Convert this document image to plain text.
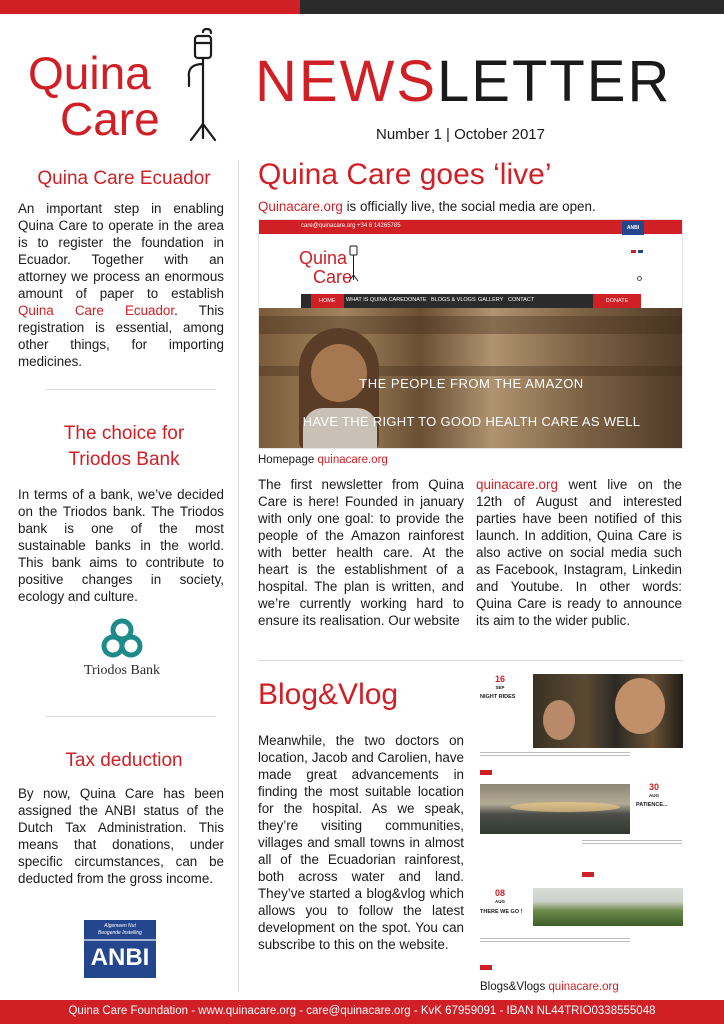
Quina
Care
NEWSLETTER
Number 1 | October 2017
Quina Care Ecuador
An important step in enabling Quina Care to operate in the area is to register the foundation in Ecuador. Together with an attorney we process an enormous amount of paper to establish Quina Care Ecuador. This registration is essential, among other things, for importing medicines.
The choice for
Triodos Bank
In terms of a bank, we’ve decided on the Triodos bank. The Triodos bank is one of the most sustainable banks in the world. This bank aims to contribute to positive changes in society, ecology and culture.
Triodos Bank
Tax deduction
By now, Quina Care has been assigned the ANBI status of the Dutch Tax Administration. This means that donations, under specific circumstances, can be deducted from the gross income.
Algemeen Nut
Beogende Instelling
ANBI
Quina Care goes ‘live’
Quinacare.org is officially live, the social media are open.
care@quinacare.org +34 6 14265785	ANBI
Quina
Care
HOME	WHAT IS QUINA CARE DONATE BLOGS & VLOGS GALLERY CONTACT	DONATE
THE PEOPLE FROM THE AMAZON
HAVE THE RIGHT TO GOOD HEALTH CARE AS WELL
Homepage quinacare.org
The first newsletter from Quina Care is here! Founded in january with only one goal: to provide the people of the Amazon rainforest with better health care. At the heart is the establishment of a hospital. The plan is written, and we’re currently working hard to ensure its realisation. Our website
quinacare.org went live on the 12th of August and interested parties have been notified of this launch. In addition, Quina Care is also active on social media such as Facebook, Instagram, Linkedin and Youtube. In other words: Quina Care is ready to announce its aim to the wider public.
Blog&Vlog
Meanwhile, the two doctors on location, Jacob and Carolien, have made great advancements in finding the most suitable location for the hospital. As we speak, they’re visiting communities, villages and small towns in almost all of the Ecuadorian rainforest, both across water and land. They’ve started a blog&vlog which allows you to follow the latest development on the spot. You can subscribe to this on the website.
16
SEP
NIGHT RIDES
30
AUG
PATIENCE...
08
AUG
THERE WE GO !
Blogs&Vlogs quinacare.org
Quina Care Foundation - www.quinacare.org - care@quinacare.org - KvK 67959091 - IBAN NL44TRIO0338555048
